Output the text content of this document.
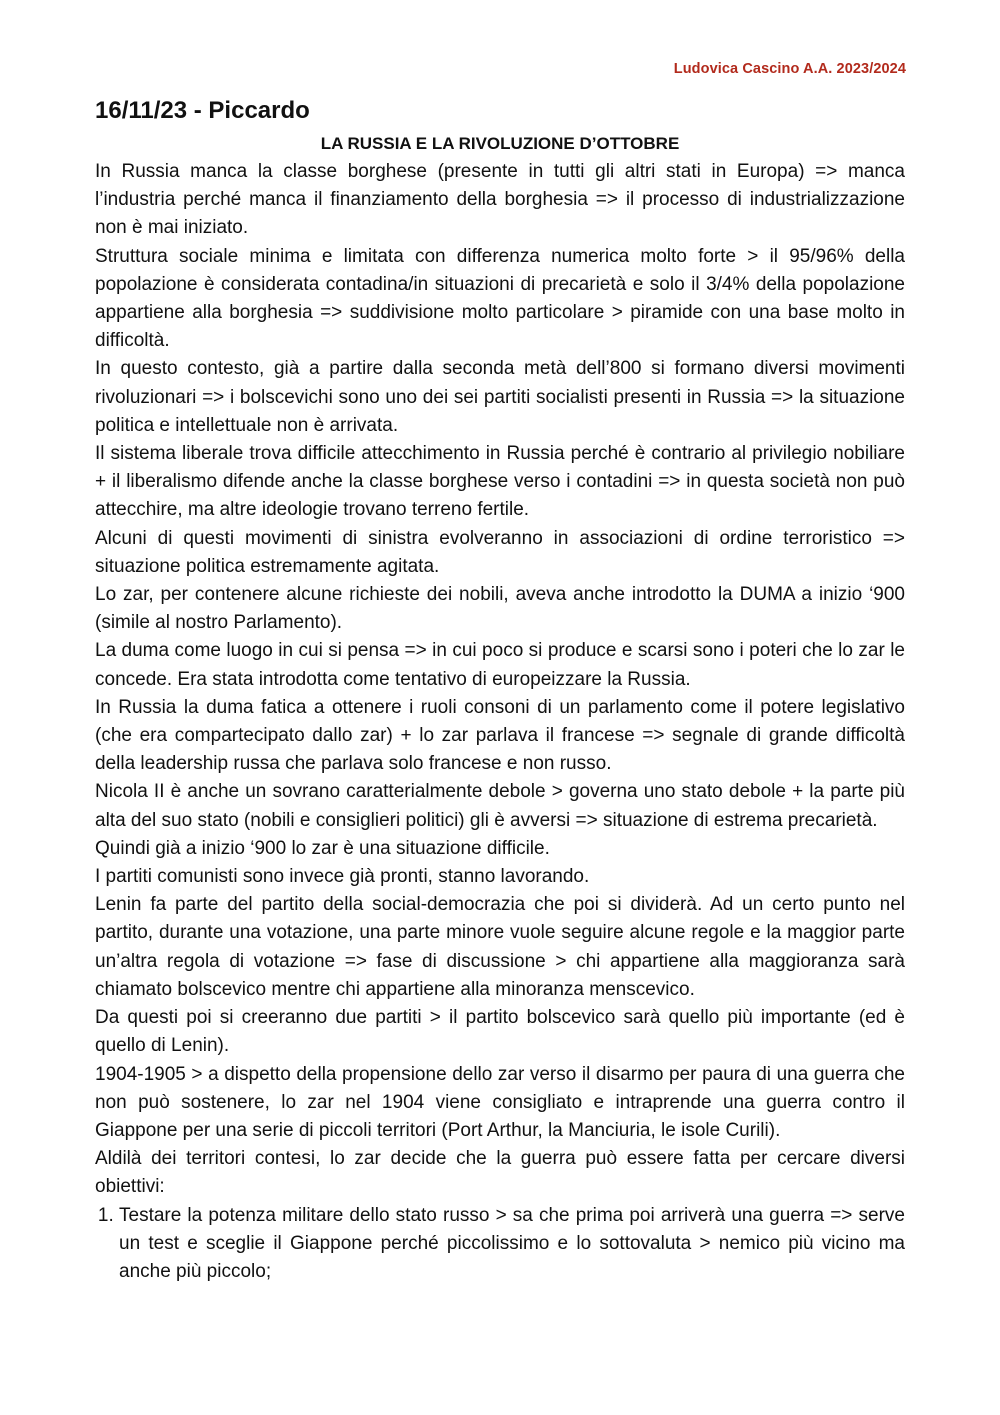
Ludovica Cascino A.A. 2023/2024
16/11/23 - Piccardo
LA RUSSIA E LA RIVOLUZIONE D’OTTOBRE

In Russia manca la classe borghese (presente in tutti gli altri stati in Europa) => manca l’industria perché manca il finanziamento della borghesia => il processo di industrializzazione non è mai iniziato.

Struttura sociale minima e limitata con differenza numerica molto forte > il 95/96% della popolazione è considerata contadina/in situazioni di precarietà e solo il 3/4% della popolazione appartiene alla borghesia => suddivisione molto particolare > piramide con una base molto in difficoltà.

In questo contesto, già a partire dalla seconda metà dell’800 si formano diversi movimenti rivoluzionari => i bolscevichi sono uno dei sei partiti socialisti presenti in Russia => la situazione politica e intellettuale non è arrivata.

Il sistema liberale trova difficile attecchimento in Russia perché è contrario al privilegio nobiliare + il liberalismo difende anche la classe borghese verso i contadini => in questa società non può attecchire, ma altre ideologie trovano terreno fertile.

Alcuni di questi movimenti di sinistra evolveranno in associazioni di ordine terroristico => situazione politica estremamente agitata.

Lo zar, per contenere alcune richieste dei nobili, aveva anche introdotto la DUMA a inizio ‘900 (simile al nostro Parlamento).

La duma come luogo in cui si pensa => in cui poco si produce e scarsi sono i poteri che lo zar le concede. Era stata introdotta come tentativo di europeizzare la Russia.

In Russia la duma fatica a ottenere i ruoli consoni di un parlamento come il potere legislativo (che era compartecipato dallo zar) + lo zar parlava il francese => segnale di grande difficoltà della leadership russa che parlava solo francese e non russo.

Nicola II è anche un sovrano caratterialmente debole > governa uno stato debole + la parte più alta del suo stato (nobili e consiglieri politici) gli è avversi => situazione di estrema precarietà.

Quindi già a inizio ‘900 lo zar è una situazione difficile.

I partiti comunisti sono invece già pronti, stanno lavorando.

Lenin fa parte del partito della social-democrazia che poi si dividerà. Ad un certo punto nel partito, durante una votazione, una parte minore vuole seguire alcune regole e la maggior parte un’altra regola di votazione => fase di discussione > chi appartiene alla maggioranza sarà chiamato bolscevico mentre chi appartiene alla minoranza menscevico.

Da questi poi si creeranno due partiti > il partito bolscevico sarà quello più importante (ed è quello di Lenin).

1904-1905 > a dispetto della propensione dello zar verso il disarmo per paura di una guerra che non può sostenere, lo zar nel 1904 viene consigliato e intraprende una guerra contro il Giappone per una serie di piccoli territori (Port Arthur, la Manciuria, le isole Curili).

Aldilà dei territori contesi, lo zar decide che la guerra può essere fatta per cercare diversi obiettivi:

1. Testare la potenza militare dello stato russo > sa che prima poi arriverà una guerra => serve un test e sceglie il Giappone perché piccolissimo e lo sottovaluta > nemico più vicino ma anche più piccolo;
